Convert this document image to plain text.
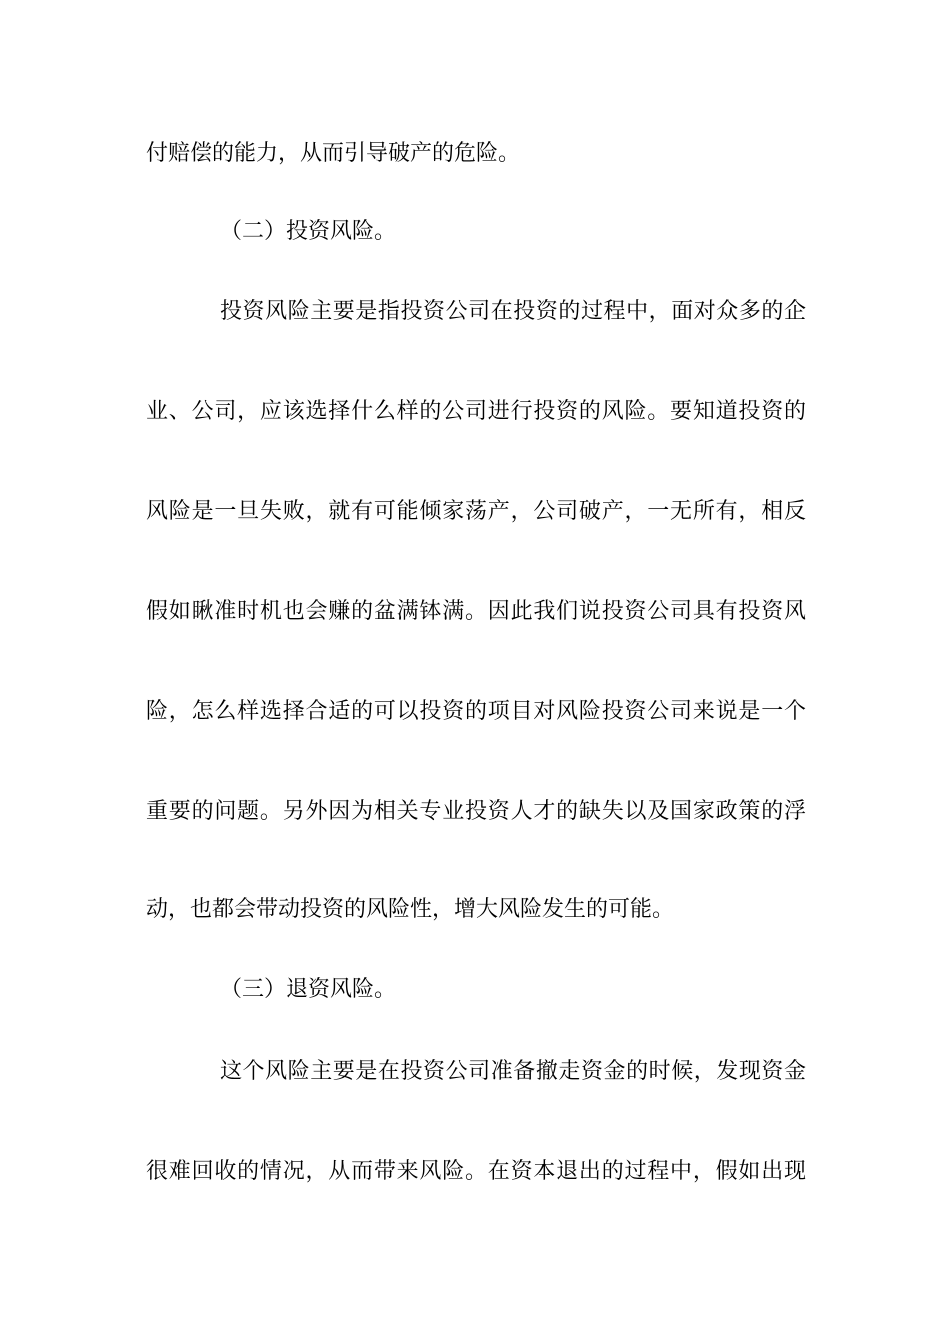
付赔偿的能力，从而引导破产的危险。
（二）投资风险。
投资风险主要是指投资公司在投资的过程中，面对众多的企
业、公司，应该选择什么样的公司进行投资的风险。要知道投资的
风险是一旦失败，就有可能倾家荡产，公司破产，一无所有，相反
假如瞅准时机也会赚的盆满钵满。因此我们说投资公司具有投资风
险，怎么样选择合适的可以投资的项目对风险投资公司来说是一个
重要的问题。另外因为相关专业投资人才的缺失以及国家政策的浮
动，也都会带动投资的风险性，增大风险发生的可能。
（三）退资风险。
这个风险主要是在投资公司准备撤走资金的时候，发现资金
很难回收的情况，从而带来风险。在资本退出的过程中，假如出现
